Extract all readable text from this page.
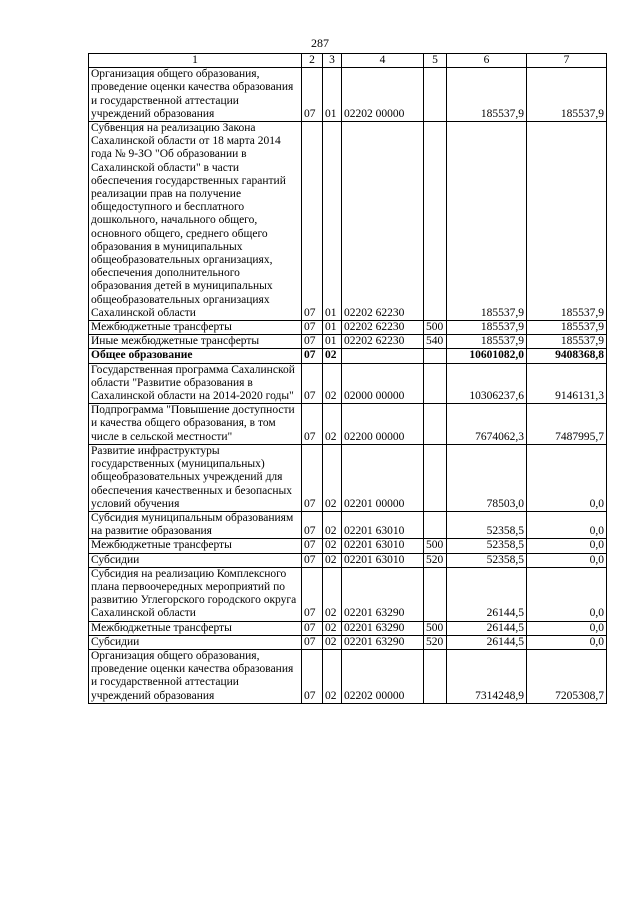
287
1	2	3	4	5	6	7
Организация общего образования, проведение оценки качества образования и государственной аттестации учреждений образования	07	01	02202 00000		185537,9	185537,9
Субвенция на реализацию Закона Сахалинской области от 18 марта 2014 года № 9-ЗО "Об образовании в Сахалинской области" в части обеспечения государственных гарантий реализации прав на получение общедоступного и бесплатного дошкольного, начального общего, основного общего, среднего общего образования в муниципальных общеобразовательных организациях, обеспечения дополнительного образования детей в муниципальных общеобразовательных организациях Сахалинской области	07	01	02202 62230		185537,9	185537,9
Межбюджетные трансферты	07	01	02202 62230	500	185537,9	185537,9
Иные межбюджетные трансферты	07	01	02202 62230	540	185537,9	185537,9
Общее образование	07	02			10601082,0	9408368,8
Государственная программа Сахалинской области "Развитие образования в Сахалинской области на 2014-2020 годы"	07	02	02000 00000		10306237,6	9146131,3
Подпрограмма "Повышение доступности и качества общего образования, в том числе в сельской местности"	07	02	02200 00000		7674062,3	7487995,7
Развитие инфраструктуры государственных (муниципальных) общеобразовательных учреждений для обеспечения качественных и безопасных условий обучения	07	02	02201 00000		78503,0	0,0
Субсидия муниципальным образованиям на развитие образования	07	02	02201 63010		52358,5	0,0
Межбюджетные трансферты	07	02	02201 63010	500	52358,5	0,0
Субсидии	07	02	02201 63010	520	52358,5	0,0
Субсидия на реализацию Комплексного плана первоочередных мероприятий по развитию Углегорского городского округа Сахалинской области	07	02	02201 63290		26144,5	0,0
Межбюджетные трансферты	07	02	02201 63290	500	26144,5	0,0
Субсидии	07	02	02201 63290	520	26144,5	0,0
Организация общего образования, проведение оценки качества образования и государственной аттестации учреждений образования	07	02	02202 00000		7314248,9	7205308,7
